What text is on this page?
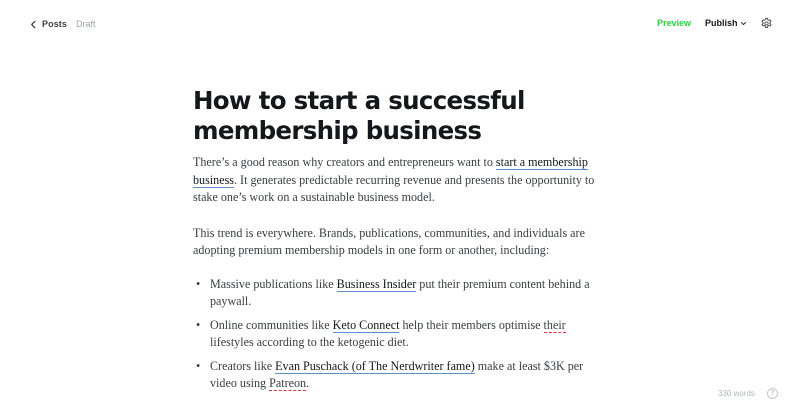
Posts Draft	Preview Publish
How to start a successful membership business

There’s a good reason why creators and entrepreneurs want to start a membership business. It generates predictable recurring revenue and presents the opportunity to stake one’s work on a sustainable business model.

This trend is everywhere. Brands, publications, communities, and individuals are adopting premium membership models in one form or another, including:

• Massive publications like Business Insider put their premium content behind a paywall.
• Online communities like Keto Connect help their members optimise their lifestyles according to the ketogenic diet.
• Creators like Evan Puschack (of The Nerdwriter fame) make at least $3K per video using Patreon.
330 words	?
